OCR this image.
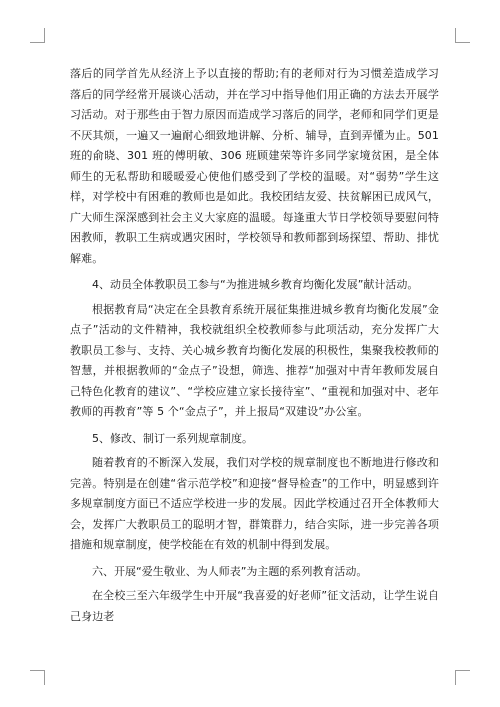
落后的同学首先从经济上予以直接的帮助;有的老师对行为习惯差造成学习落后的同学经常开展谈心活动，并在学习中指导他们用正确的方法去开展学习活动。对于那些由于智力原因而造成学习落后的同学，老师和同学们更是不厌其烦，一遍又一遍耐心细致地讲解、分析、辅导，直到弄懂为止。501 班的俞晓、301 班的傅明敏、306 班顾建荣等许多同学家境贫困，是全体师生的无私帮助和暖暖爱心使他们感受到了学校的温暖。对“弱势”学生这样，对学校中有困难的教师也是如此。我校团结友爱、扶贫解困已成风气，广大师生深深感到社会主义大家庭的温暖。每逢重大节日学校领导要慰问特困教师，教职工生病或遇灾困时，学校领导和教师都到场探望、帮助、排忧解难。

4、动员全体教职员工参与“为推进城乡教育均衡化发展”献计活动。

根据教育局“决定在全县教育系统开展征集推进城乡教育均衡化发展”金点子”活动的文件精神，我校就组织全校教师参与此项活动，充分发挥广大教职员工参与、支持、关心城乡教育均衡化发展的积极性，集聚我校教师的智慧，并根据教师的“金点子”设想，筛选、推荐“加强对中青年教师发展自己特色化教育的建议”、“学校应建立家长接待室”、“重视和加强对中、老年教师的再教育”等 5 个“金点子”，并上报局“双建设”办公室。

5、修改、制订一系列规章制度。

随着教育的不断深入发展，我们对学校的规章制度也不断地进行修改和完善。特别是在创建“省示范学校”和迎接“督导检查”的工作中，明显感到许多规章制度方面已不适应学校进一步的发展。因此学校通过召开全体教师大会，发挥广大教职员工的聪明才智，群策群力，结合实际，进一步完善各项措施和规章制度，使学校能在有效的机制中得到发展。

六、开展“爱生敬业、为人师表”为主题的系列教育活动。

在全校三至六年级学生中开展“我喜爱的好老师”征文活动，让学生说自己身边老
